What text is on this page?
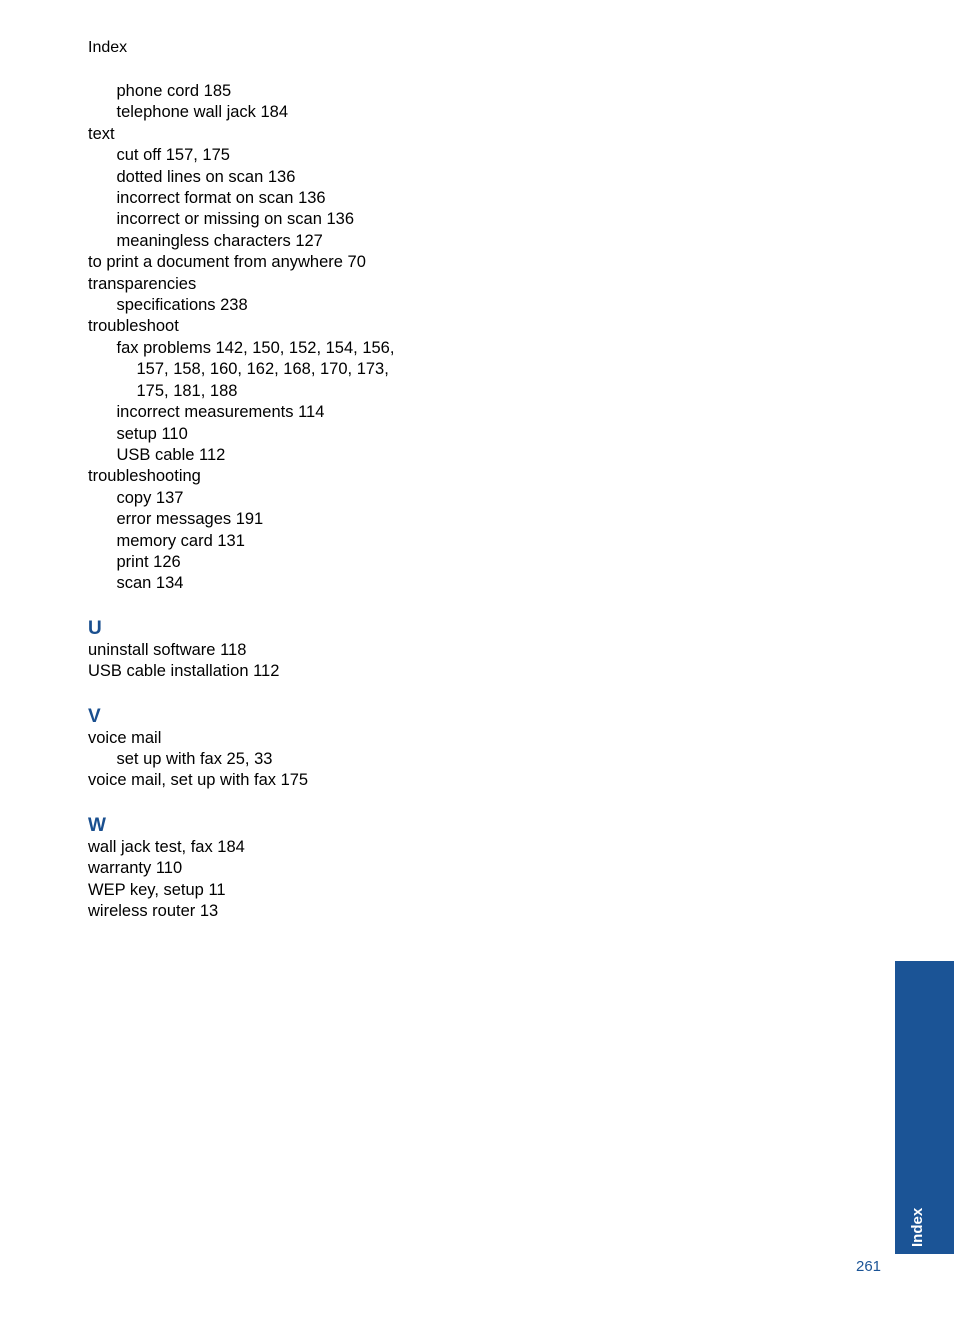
Index

phone cord 185

telephone wall jack 184

text

cut off 157, 175

dotted lines on scan 136

incorrect format on scan 136

incorrect or missing on scan 136

meaningless characters 127

to print a document from anywhere 70

transparencies

specifications 238

troubleshoot

fax problems 142, 150, 152, 154, 156, 157, 158, 160, 162, 168, 170, 173, 175, 181, 188

incorrect measurements 114

setup 110

USB cable 112

troubleshooting

copy 137

error messages 191

memory card 131

print 126

scan 134

U

uninstall software 118

USB cable installation 112

V

voice mail

set up with fax 25, 33

voice mail, set up with fax 175

W

wall jack test, fax 184

warranty 110

WEP key, setup 11

wireless router 13

Index
261
